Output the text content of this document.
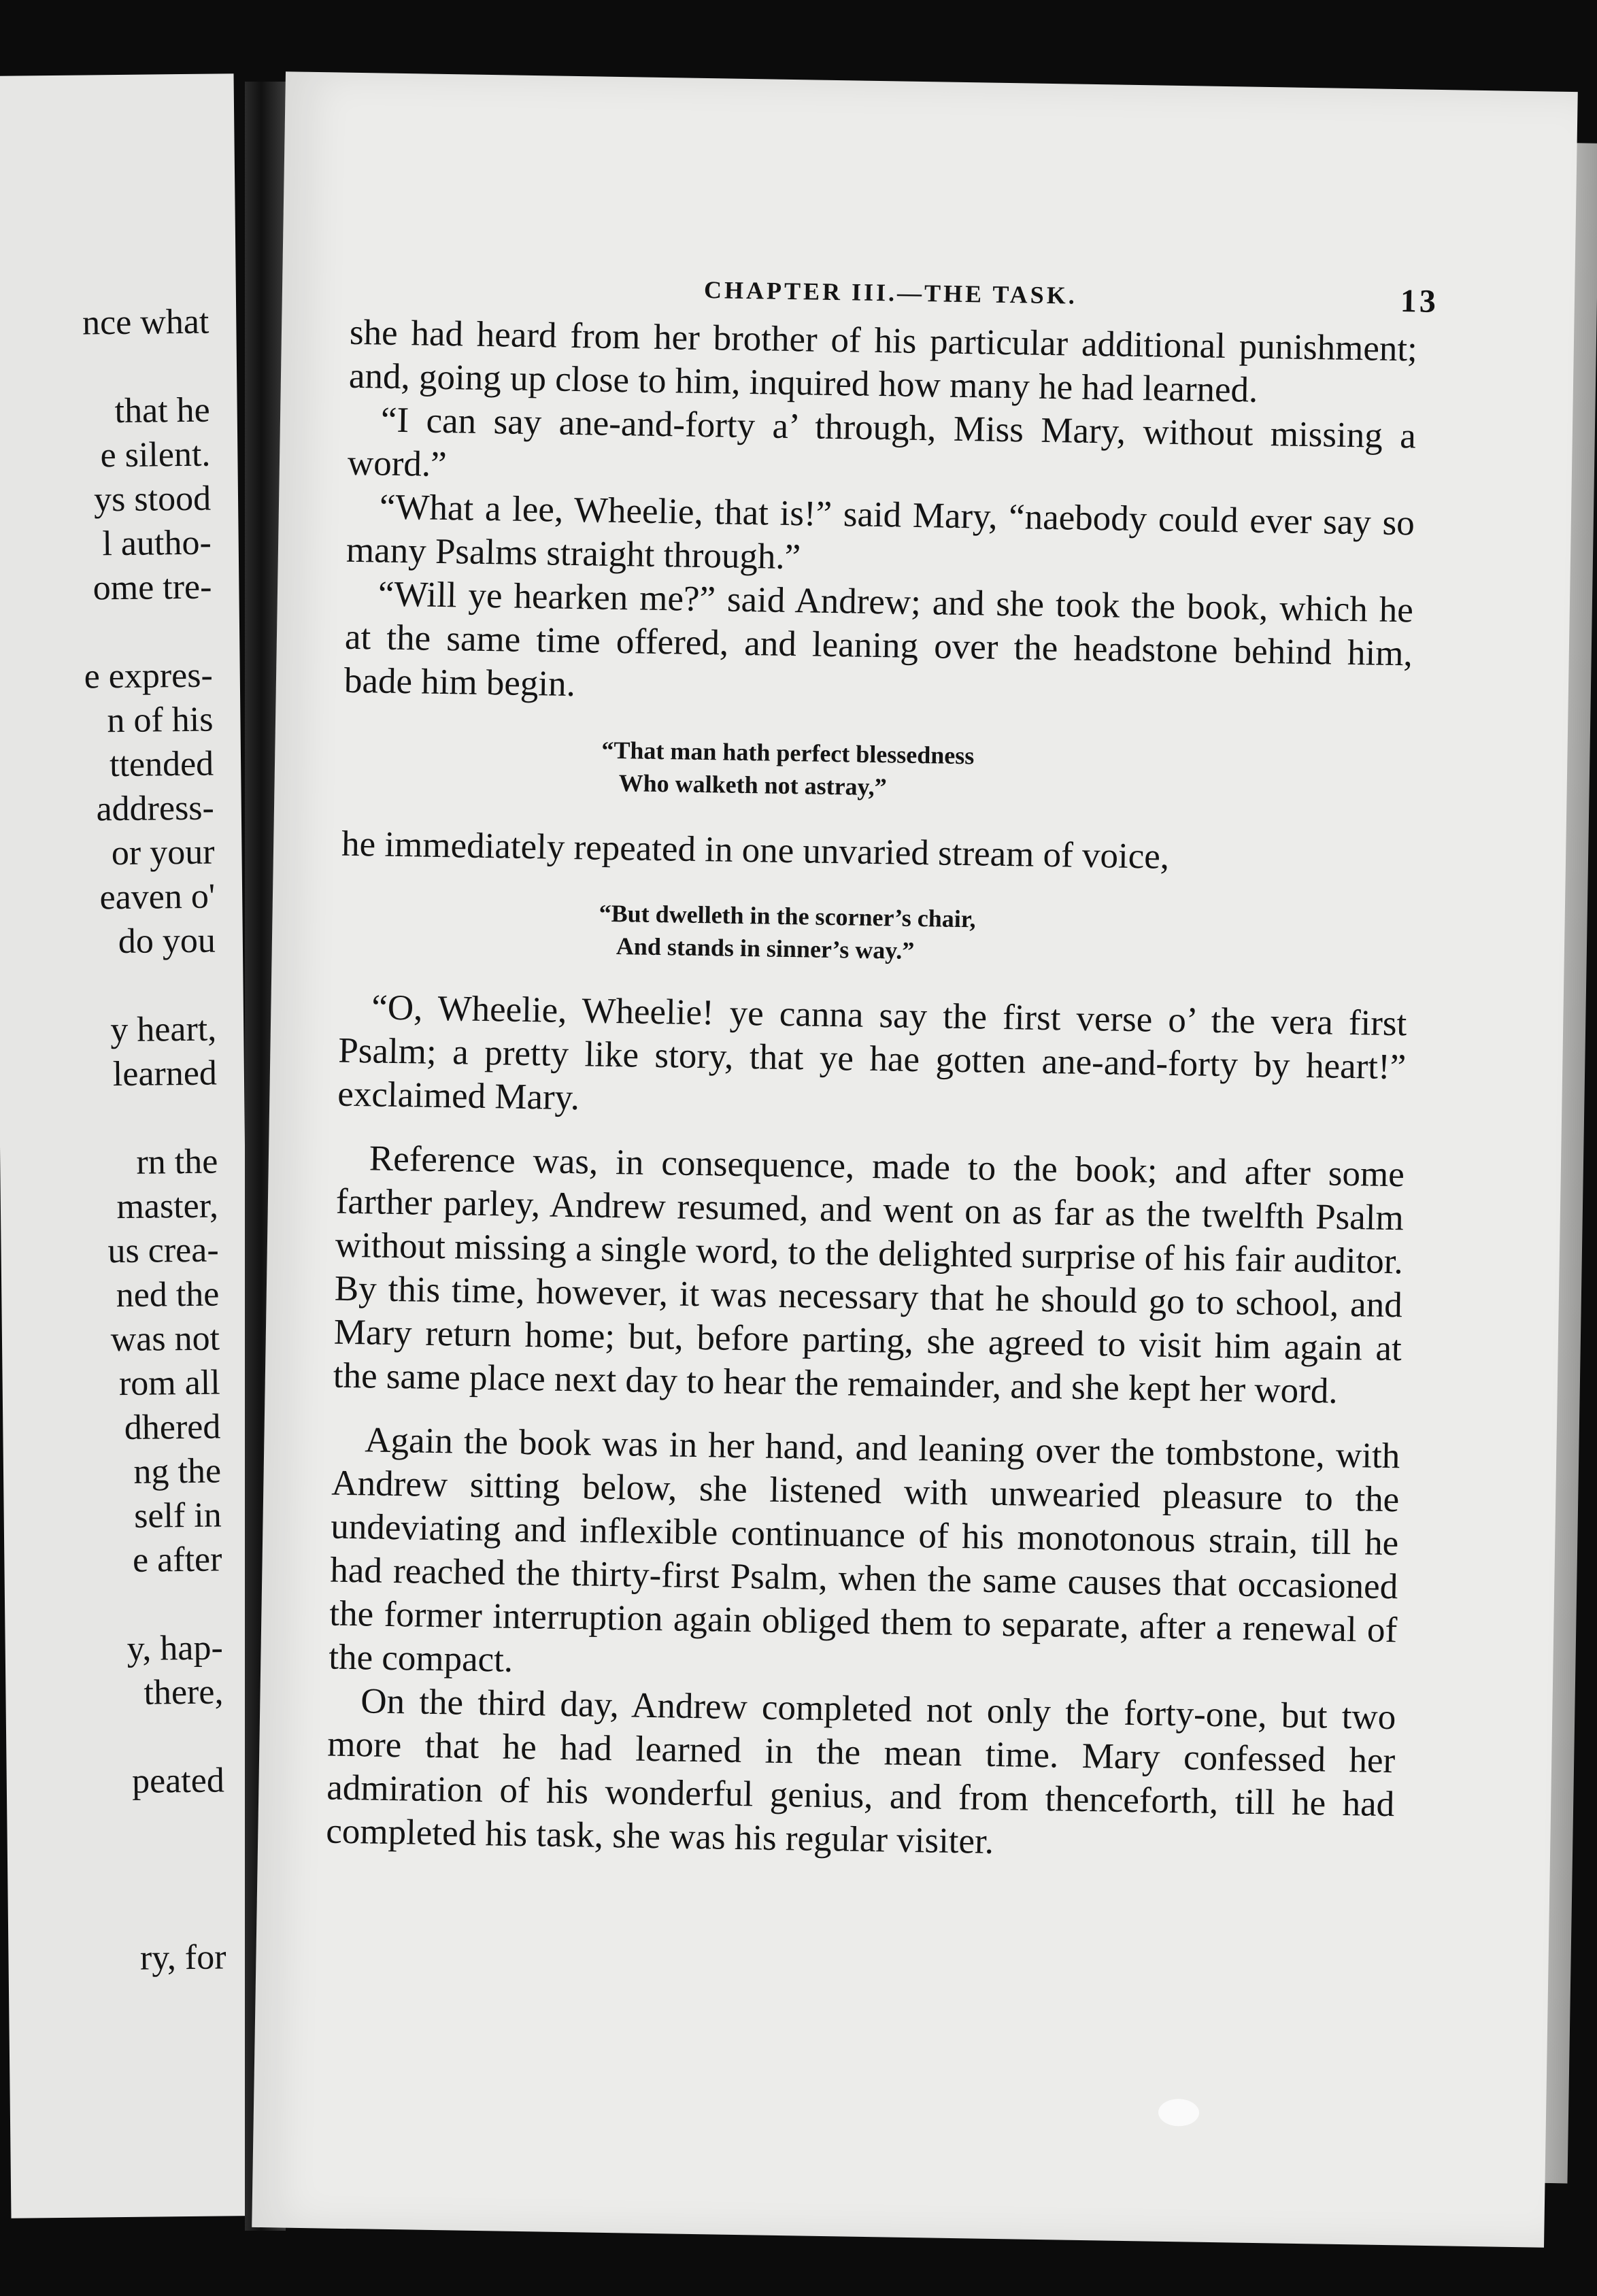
nce what
that he
e silent.
ys stood
l autho-
ome tre-
e expres-
n of his
ttended
address-
or your
eaven o'
do you
y heart,
learned
rn the
master,
us crea-
ned the
was not
rom all
dhered
ng the
self in
e after
y, hap-
there,
peated
ry, for
CHAPTER III.—THE TASK.	13

she had heard from her brother of his particular additional punishment; and, going up close to him, inquired how many he had learned.

“I can say ane-and-forty a’ through, Miss Mary, without missing a word.”

“What a lee, Wheelie, that is!” said Mary, “naebody could ever say so many Psalms straight through.”

“Will ye hearken me?” said Andrew; and she took the book, which he at the same time offered, and leaning over the headstone behind him, bade him begin.

“That man hath perfect blessedness
Who walketh not astray,”

he immediately repeated in one unvaried stream of voice,

“But dwelleth in the scorner’s chair,
And stands in sinner’s way.”

“O, Wheelie, Wheelie! ye canna say the first verse o’ the vera first Psalm; a pretty like story, that ye hae gotten ane-and-forty by heart!” exclaimed Mary.

Reference was, in consequence, made to the book; and after some farther parley, Andrew resumed, and went on as far as the twelfth Psalm without missing a single word, to the delighted surprise of his fair auditor. By this time, however, it was necessary that he should go to school, and Mary return home; but, before parting, she agreed to visit him again at the same place next day to hear the remainder, and she kept her word.

Again the book was in her hand, and leaning over the tombstone, with Andrew sitting below, she listened with unwearied pleasure to the undeviating and inflexible continuance of his monotonous strain, till he had reached the thirty-first Psalm, when the same causes that occasioned the former interruption again obliged them to separate, after a renewal of the compact.

On the third day, Andrew completed not only the forty-one, but two more that he had learned in the mean time. Mary confessed her admiration of his wonderful genius, and from thenceforth, till he had completed his task, she was his regular visiter.
